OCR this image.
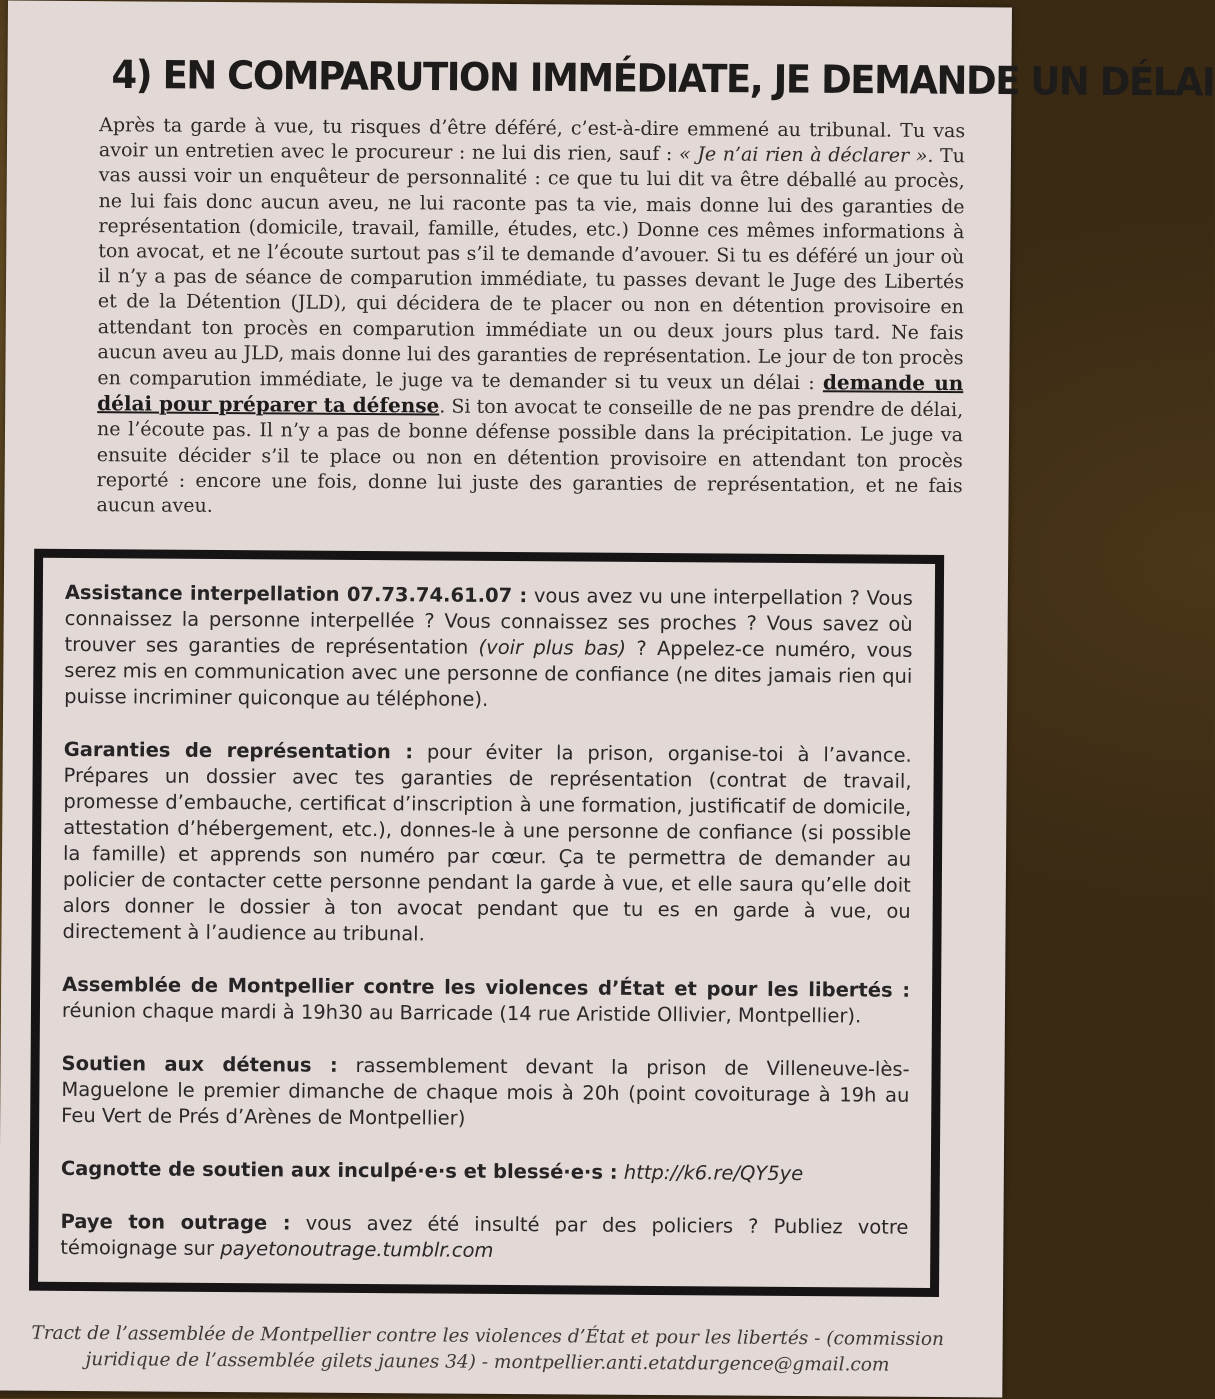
4) EN COMPARUTION IMMÉDIATE, JE DEMANDE UN DÉLAI
Après ta garde à vue, tu risques d’être déféré, c’est-à-dire emmené au tribunal. Tu vas avoir un entretien avec le procureur : ne lui dis rien, sauf : « Je n’ai rien à déclarer ». Tu vas aussi voir un enquêteur de personnalité : ce que tu lui dit va être déballé au procès, ne lui fais donc aucun aveu, ne lui raconte pas ta vie, mais donne lui des garanties de représentation (domicile, travail, famille, études, etc.) Donne ces mêmes informations à ton avocat, et ne l’écoute surtout pas s’il te demande d’avouer. Si tu es déféré un jour où il n’y a pas de séance de comparution immédiate, tu passes devant le Juge des Libertés et de la Détention (JLD), qui décidera de te placer ou non en détention provisoire en attendant ton procès en comparution immédiate un ou deux jours plus tard. Ne fais aucun aveu au JLD, mais donne lui des garanties de représentation. Le jour de ton procès en comparution immédiate, le juge va te demander si tu veux un délai : demande un délai pour préparer ta défense. Si ton avocat te conseille de ne pas prendre de délai, ne l’écoute pas. Il n’y a pas de bonne défense possible dans la précipitation. Le juge va ensuite décider s’il te place ou non en détention provisoire en attendant ton procès reporté : encore une fois, donne lui juste des garanties de représentation, et ne fais aucun aveu.

Assistance interpellation 07.73.74.61.07 : vous avez vu une interpellation ? Vous connaissez la personne interpellée ? Vous connaissez ses proches ? Vous savez où trouver ses garanties de représentation (voir plus bas) ? Appelez-ce numéro, vous serez mis en communication avec une personne de confiance (ne dites jamais rien qui puisse incriminer quiconque au téléphone).

Garanties de représentation : pour éviter la prison, organise-toi à l’avance. Prépares un dossier avec tes garanties de représentation (contrat de travail, promesse d’embauche, certificat d’inscription à une formation, justificatif de domicile, attestation d’hébergement, etc.), donnes-le à une personne de confiance (si possible la famille) et apprends son numéro par cœur. Ça te permettra de demander au policier de contacter cette personne pendant la garde à vue, et elle saura qu’elle doit alors donner le dossier à ton avocat pendant que tu es en garde à vue, ou directement à l’audience au tribunal.

Assemblée de Montpellier contre les violences d’État et pour les libertés : réunion chaque mardi à 19h30 au Barricade (14 rue Aristide Ollivier, Montpellier).

Soutien aux détenus : rassemblement devant la prison de Villeneuve-lès-Maguelone le premier dimanche de chaque mois à 20h (point covoiturage à 19h au Feu Vert de Prés d’Arènes de Montpellier)

Cagnotte de soutien aux inculpé·e·s et blessé·e·s : http://k6.re/QY5ye

Paye ton outrage : vous avez été insulté par des policiers ? Publiez votre témoignage sur payetonoutrage.tumblr.com

Tract de l’assemblée de Montpellier contre les violences d’État et pour les libertés - (commission juridique de l’assemblée gilets jaunes 34) - montpellier.anti.etatdurgence@gmail.com
